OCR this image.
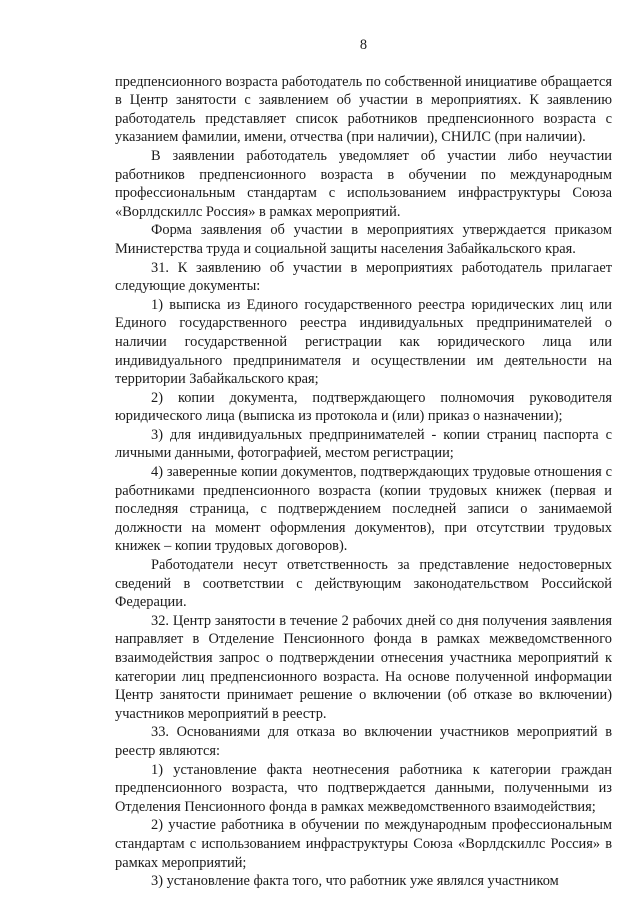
8

предпенсионного возраста работодатель по собственной инициативе обращается в Центр занятости с заявлением об участии в мероприятиях. К заявлению работодатель представляет список работников предпенсионного возраста с указанием фамилии, имени, отчества (при наличии), СНИЛС (при наличии).

В заявлении работодатель уведомляет об участии либо неучастии работников предпенсионного возраста в обучении по международным профессиональным стандартам с использованием инфраструктуры Союза «Ворлдскиллс Россия» в рамках мероприятий.

Форма заявления об участии в мероприятиях утверждается приказом Министерства труда и социальной защиты населения Забайкальского края.

31. К заявлению об участии в мероприятиях работодатель прилагает следующие документы:

1) выписка из Единого государственного реестра юридических лиц или Единого государственного реестра индивидуальных предпринимателей о наличии государственной регистрации как юридического лица или индивидуального предпринимателя и осуществлении им деятельности на территории Забайкальского края;

2) копии документа, подтверждающего полномочия руководителя юридического лица (выписка из протокола и (или) приказ о назначении);

3) для индивидуальных предпринимателей - копии страниц паспорта с личными данными, фотографией, местом регистрации;

4) заверенные копии документов, подтверждающих трудовые отношения с работниками предпенсионного возраста (копии трудовых книжек (первая и последняя страница, с подтверждением последней записи о занимаемой должности на момент оформления документов), при отсутствии трудовых книжек – копии трудовых договоров).

Работодатели несут ответственность за представление недостоверных сведений в соответствии с действующим законодательством Российской Федерации.

32. Центр занятости в течение 2 рабочих дней со дня получения заявления направляет в Отделение Пенсионного фонда в рамках межведомственного взаимодействия запрос о подтверждении отнесения участника мероприятий к категории лиц предпенсионного возраста. На основе полученной информации Центр занятости принимает решение о включении (об отказе во включении) участников мероприятий в реестр.

33. Основаниями для отказа во включении участников мероприятий в реестр являются:

1) установление факта неотнесения работника к категории граждан предпенсионного возраста, что подтверждается данными, полученными из Отделения Пенсионного фонда в рамках межведомственного взаимодействия;

2) участие работника в обучении по международным профессиональным стандартам с использованием инфраструктуры Союза «Ворлдскиллс Россия» в рамках мероприятий;

3) установление факта того, что работник уже являлся участником
